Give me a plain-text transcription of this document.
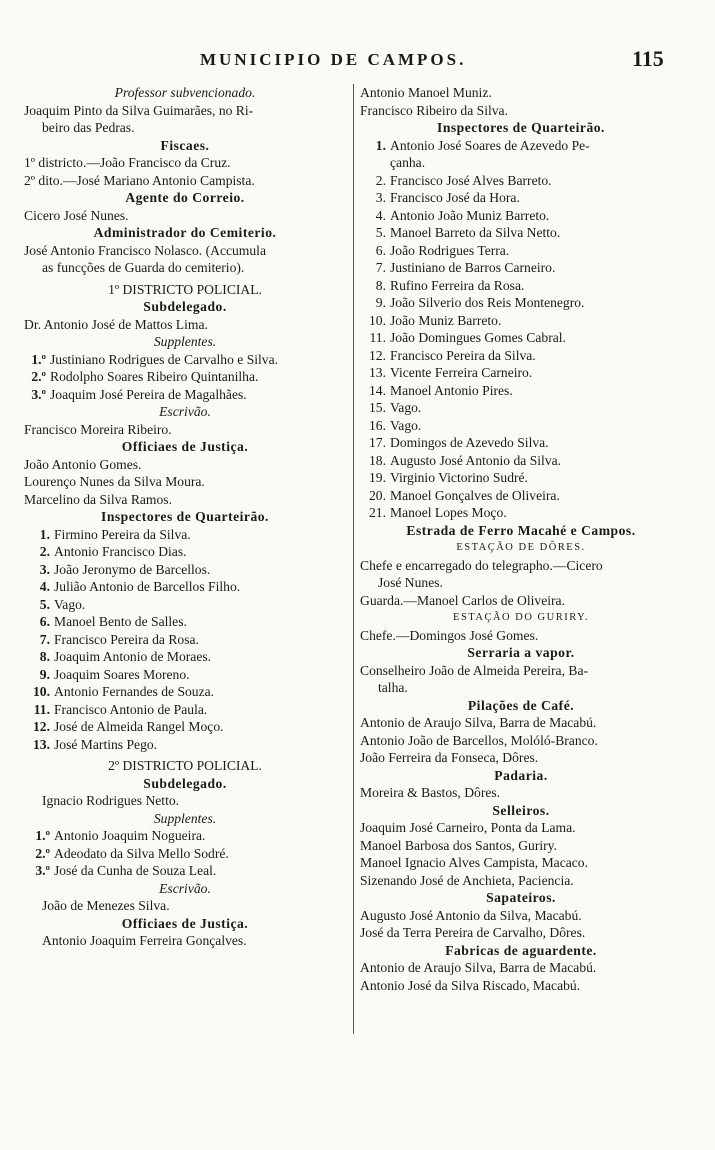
MUNICIPIO DE CAMPOS.	115
Professor subvencionado.
Joaquim Pinto da Silva Guimarães, no Ri-
beiro das Pedras.
Fiscaes.
1º districto.—João Francisco da Cruz.
2º dito.—José Mariano Antonio Campista.
Agente do Correio.
Cicero José Nunes.
Administrador do Cemiterio.
José Antonio Francisco Nolasco. (Accumula
as funcções de Guarda do cemiterio).
1º DISTRICTO POLICIAL.
Subdelegado.
Dr. Antonio José de Mattos Lima.
Supplentes.
1.º Justiniano Rodrigues de Carvalho e Silva.
2.º Rodolpho Soares Ribeiro Quintanilha.
3.º Joaquim José Pereira de Magalhães.
Escrivão.
Francisco Moreira Ribeiro.
Officiaes de Justiça.
João Antonio Gomes.
Lourenço Nunes da Silva Moura.
Marcelino da Silva Ramos.
Inspectores de Quarteirão.
1. Firmino Pereira da Silva.
2. Antonio Francisco Dias.
3. João Jeronymo de Barcellos.
4. Julião Antonio de Barcellos Filho.
5. Vago.
6. Manoel Bento de Salles.
7. Francisco Pereira da Rosa.
8. Joaquim Antonio de Moraes.
9. Joaquim Soares Moreno.
10. Antonio Fernandes de Souza.
11. Francisco Antonio de Paula.
12. José de Almeida Rangel Moço.
13. José Martins Pego.
2º DISTRICTO POLICIAL.
Subdelegado.
Ignacio Rodrigues Netto.
Supplentes.
1.º Antonio Joaquim Nogueira.
2.º Adeodato da Silva Mello Sodré.
3.º José da Cunha de Souza Leal.
Escrivão.
João de Menezes Silva.
Officiaes de Justiça.
Antonio Joaquim Ferreira Gonçalves.
Antonio Manoel Muniz.
Francisco Ribeiro da Silva.
Inspectores de Quarteirão.
1. Antonio José Soares de Azevedo Pe-
çanha.
2. Francisco José Alves Barreto.
3. Francisco José da Hora.
4. Antonio João Muniz Barreto.
5. Manoel Barreto da Silva Netto.
6. João Rodrigues Terra.
7. Justiniano de Barros Carneiro.
8. Rufino Ferreira da Rosa.
9. João Silverio dos Reis Montenegro.
10. João Muniz Barreto.
11. João Domingues Gomes Cabral.
12. Francisco Pereira da Silva.
13. Vicente Ferreira Carneiro.
14. Manoel Antonio Pires.
15. Vago.
16. Vago.
17. Domingos de Azevedo Silva.
18. Augusto José Antonio da Silva.
19. Virginio Victorino Sudré.
20. Manoel Gonçalves de Oliveira.
21. Manoel Lopes Moço.
Estrada de Ferro Macahé e Campos.
ESTAÇÃO DE DÔRES.
Chefe e encarregado do telegrapho.—Cicero
José Nunes.
Guarda.—Manoel Carlos de Oliveira.
ESTAÇÃO DO GURIRY.
Chefe.—Domingos José Gomes.
Serraria a vapor.
Conselheiro João de Almeida Pereira, Ba-
talha.
Pilações de Café.
Antonio de Araujo Silva, Barra de Macabú.
Antonio João de Barcellos, Molóló-Branco.
João Ferreira da Fonseca, Dôres.
Padaria.
Moreira & Bastos, Dôres.
Selleiros.
Joaquim José Carneiro, Ponta da Lama.
Manoel Barbosa dos Santos, Guriry.
Manoel Ignacio Alves Campista, Macaco.
Sizenando José de Anchieta, Paciencia.
Sapateiros.
Augusto José Antonio da Silva, Macabú.
José da Terra Pereira de Carvalho, Dôres.
Fabricas de aguardente.
Antonio de Araujo Silva, Barra de Macabú.
Antonio José da Silva Riscado, Macabú.
